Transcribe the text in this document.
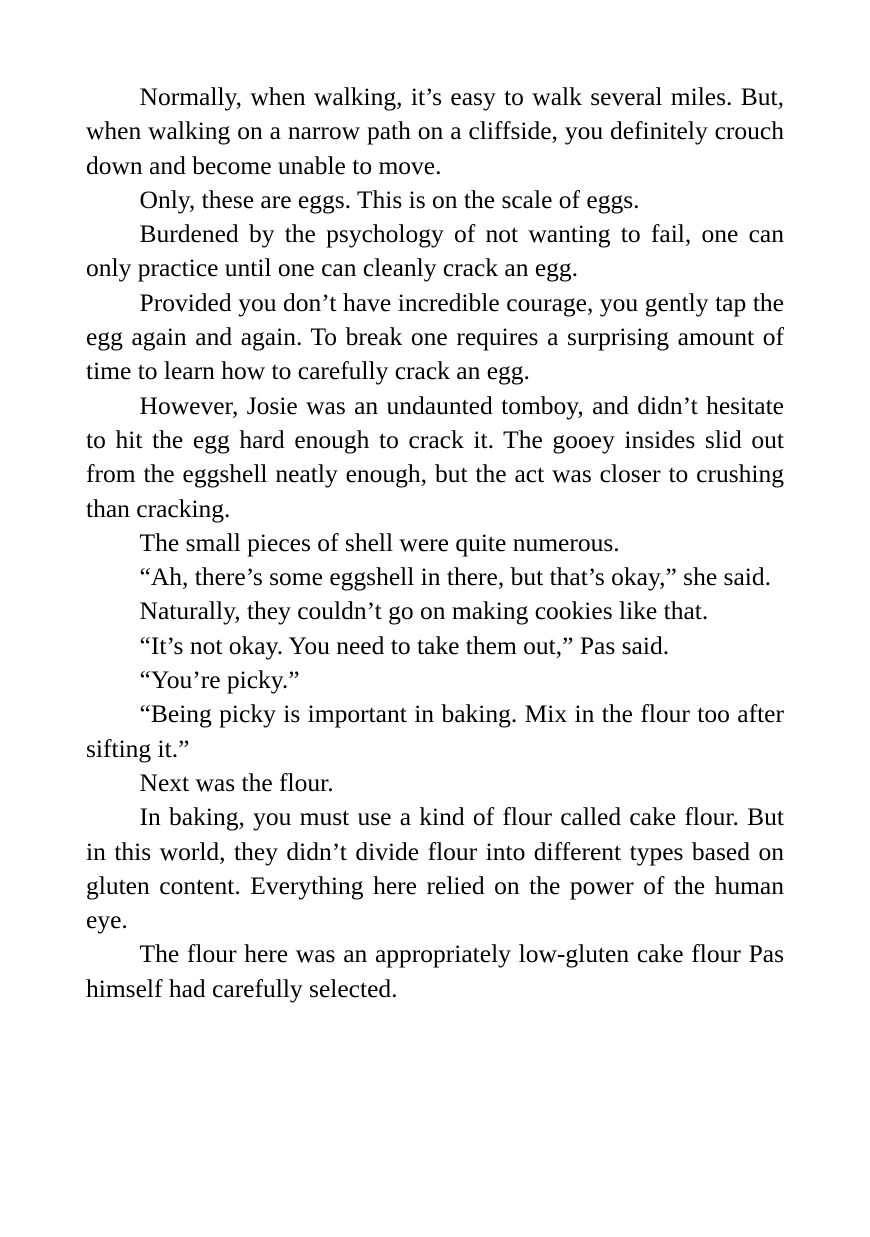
Normally, when walking, it’s easy to walk several miles. But, when walking on a narrow path on a cliffside, you definitely crouch down and become unable to move.

Only, these are eggs. This is on the scale of eggs.

Burdened by the psychology of not wanting to fail, one can only practice until one can cleanly crack an egg.

Provided you don’t have incredible courage, you gently tap the egg again and again. To break one requires a surprising amount of time to learn how to carefully crack an egg.

However, Josie was an undaunted tomboy, and didn’t hesitate to hit the egg hard enough to crack it. The gooey insides slid out from the eggshell neatly enough, but the act was closer to crushing than cracking.

The small pieces of shell were quite numerous.

“Ah, there’s some eggshell in there, but that’s okay,” she said.

Naturally, they couldn’t go on making cookies like that.

“It’s not okay. You need to take them out,” Pas said.

“You’re picky.”

“Being picky is important in baking. Mix in the flour too after sifting it.”

Next was the flour.

In baking, you must use a kind of flour called cake flour. But in this world, they didn’t divide flour into different types based on gluten content. Everything here relied on the power of the human eye.

The flour here was an appropriately low-gluten cake flour Pas himself had carefully selected.
